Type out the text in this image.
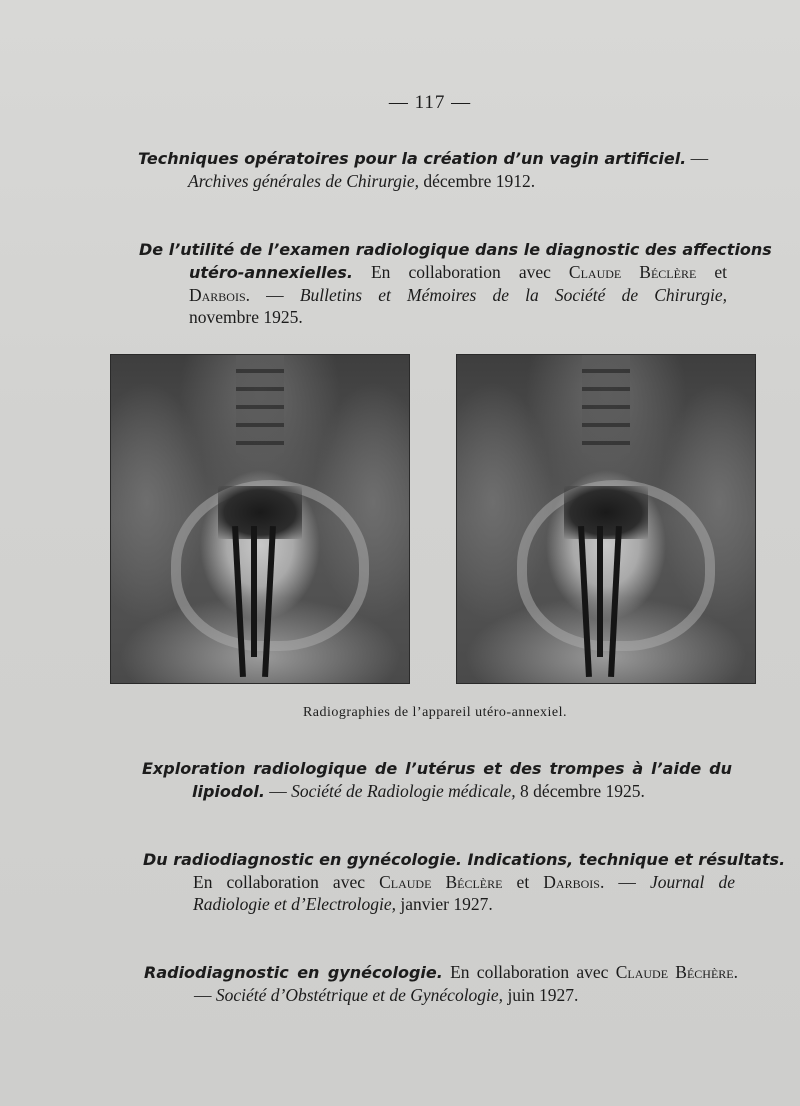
— 117 —
Techniques opératoires pour la création d’un vagin artificiel. —
Archives générales de Chirurgie, décembre 1912.
De l’utilité de l’examen radiologique dans le diagnostic des affections
utéro-annexielles. En collaboration avec Claude Béclère et
Darbois. — Bulletins et Mémoires de la Société de Chirurgie,
novembre 1925.
Radiographies de l’appareil utéro-annexiel.
Exploration radiologique de l’utérus et des trompes à l’aide du
lipiodol. — Société de Radiologie médicale, 8 décembre 1925.
Du radiodiagnostic en gynécologie. Indications, technique et résultats.
En collaboration avec Claude Béclère et Darbois. — Journal de
Radiologie et d’Electrologie, janvier 1927.
Radiodiagnostic en gynécologie. En collaboration avec Claude Béchère.
— Société d’Obstétrique et de Gynécologie, juin 1927.
